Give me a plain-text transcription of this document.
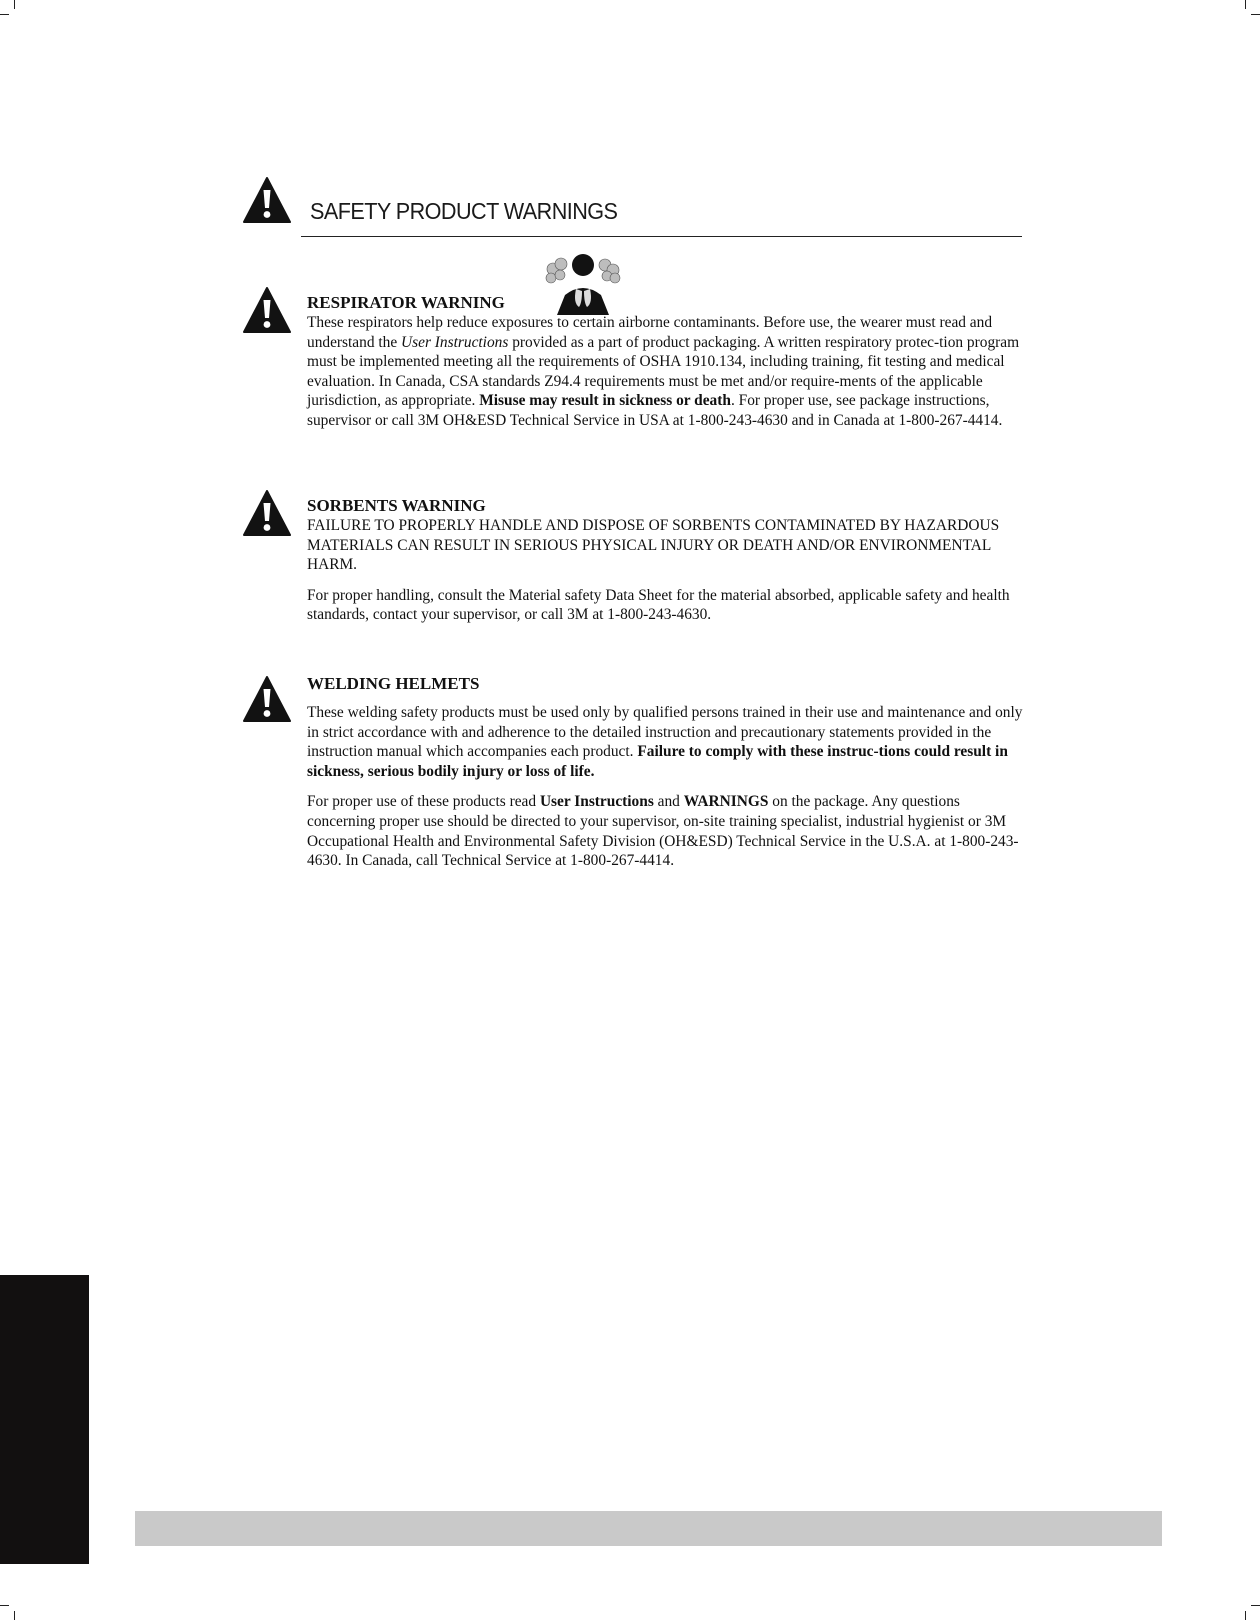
SAFETY PRODUCT WARNINGS

RESPIRATOR WARNING

These respirators help reduce exposures to certain airborne contaminants. Before use, the wearer must read and understand the User Instructions provided as a part of product packaging. A written respiratory protec-tion program must be implemented meeting all the requirements of OSHA 1910.134, including training, fit testing and medical evaluation. In Canada, CSA standards Z94.4 requirements must be met and/or require-ments of the applicable jurisdiction, as appropriate. Misuse may result in sickness or death. For proper use, see package instructions, supervisor or call 3M OH&ESD Technical Service in USA at 1-800-243-4630 and in Canada at 1-800-267-4414.

SORBENTS WARNING

FAILURE TO PROPERLY HANDLE AND DISPOSE OF SORBENTS CONTAMINATED BY HAZARDOUS MATERIALS CAN RESULT IN SERIOUS PHYSICAL INJURY OR DEATH AND/OR ENVIRONMENTAL HARM.

For proper handling, consult the Material safety Data Sheet for the material absorbed, applicable safety and health standards, contact your supervisor, or call 3M at 1-800-243-4630.

WELDING HELMETS

These welding safety products must be used only by qualified persons trained in their use and maintenance and only in strict accordance with and adherence to the detailed instruction and precautionary statements provided in the instruction manual which accompanies each product. Failure to comply with these instruc-tions could result in sickness, serious bodily injury or loss of life.

For proper use of these products read User Instructions and WARNINGS on the package. Any questions concerning proper use should be directed to your supervisor, on-site training specialist, industrial hygienist or 3M Occupational Health and Environmental Safety Division (OH&ESD) Technical Service in the U.S.A. at 1-800-243-4630. In Canada, call Technical Service at 1-800-267-4414.
